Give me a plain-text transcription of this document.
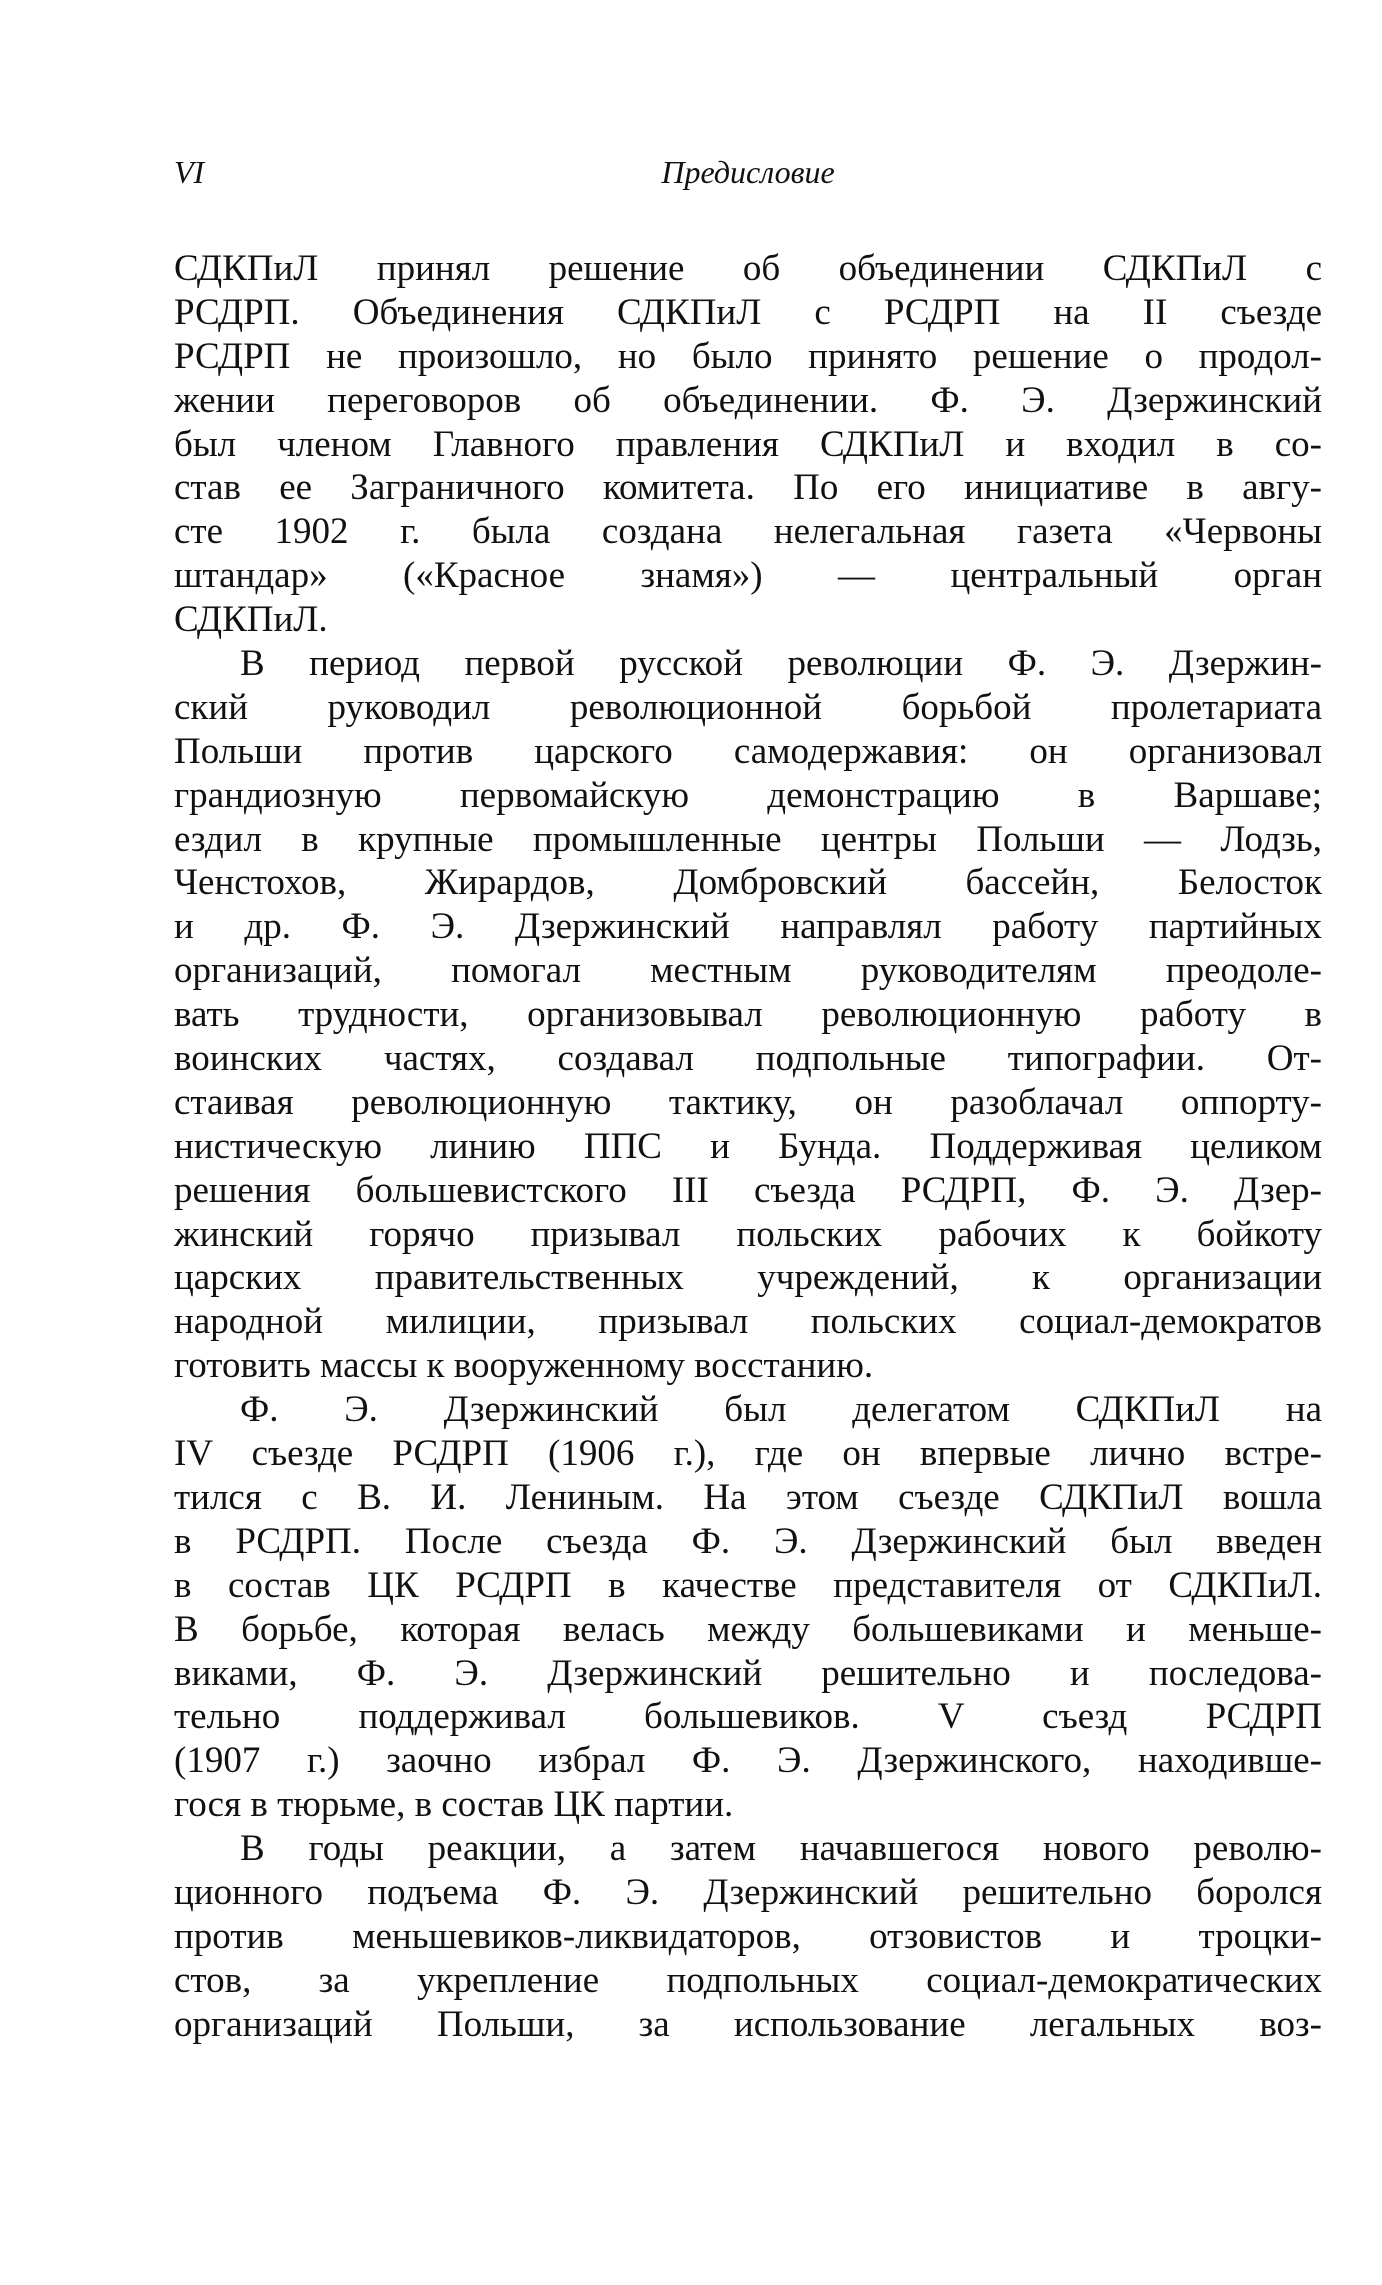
VI	Предисловие
СДКПиЛ принял решение об объединении СДКПиЛ с
РСДРП. Объединения СДКПиЛ с РСДРП на II съезде
РСДРП не произошло, но было принято решение о продол-
жении переговоров об объединении. Ф. Э. Дзержинский
был членом Главного правления СДКПиЛ и входил в со-
став ее Заграничного комитета. По его инициативе в авгу-
сте 1902 г. была создана нелегальная газета «Червоны
штандар» («Красное знамя») — центральный орган
СДКПиЛ.
В период первой русской революции Ф. Э. Дзержин-
ский руководил революционной борьбой пролетариата
Польши против царского самодержавия: он организовал
грандиозную первомайскую демонстрацию в Варшаве;
ездил в крупные промышленные центры Польши — Лодзь,
Ченстохов, Жирардов, Домбровский бассейн, Белосток
и др. Ф. Э. Дзержинский направлял работу партийных
организаций, помогал местным руководителям преодоле-
вать трудности, организовывал революционную работу в
воинских частях, создавал подпольные типографии. От-
стаивая революционную тактику, он разоблачал оппорту-
нистическую линию ППС и Бунда. Поддерживая целиком
решения большевистского III съезда РСДРП, Ф. Э. Дзер-
жинский горячо призывал польских рабочих к бойкоту
царских правительственных учреждений, к организации
народной милиции, призывал польских социал-демократов
готовить массы к вооруженному восстанию.
Ф. Э. Дзержинский был делегатом СДКПиЛ на
IV съезде РСДРП (1906 г.), где он впервые лично встре-
тился с В. И. Лениным. На этом съезде СДКПиЛ вошла
в РСДРП. После съезда Ф. Э. Дзержинский был введен
в состав ЦК РСДРП в качестве представителя от СДКПиЛ.
В борьбе, которая велась между большевиками и меньше-
виками, Ф. Э. Дзержинский решительно и последова-
тельно поддерживал большевиков. V съезд РСДРП
(1907 г.) заочно избрал Ф. Э. Дзержинского, находивше-
гося в тюрьме, в состав ЦК партии.
В годы реакции, а затем начавшегося нового револю-
ционного подъема Ф. Э. Дзержинский решительно боролся
против меньшевиков-ликвидаторов, отзовистов и троцки-
стов, за укрепление подпольных социал-демократических
организаций Польши, за использование легальных воз-
